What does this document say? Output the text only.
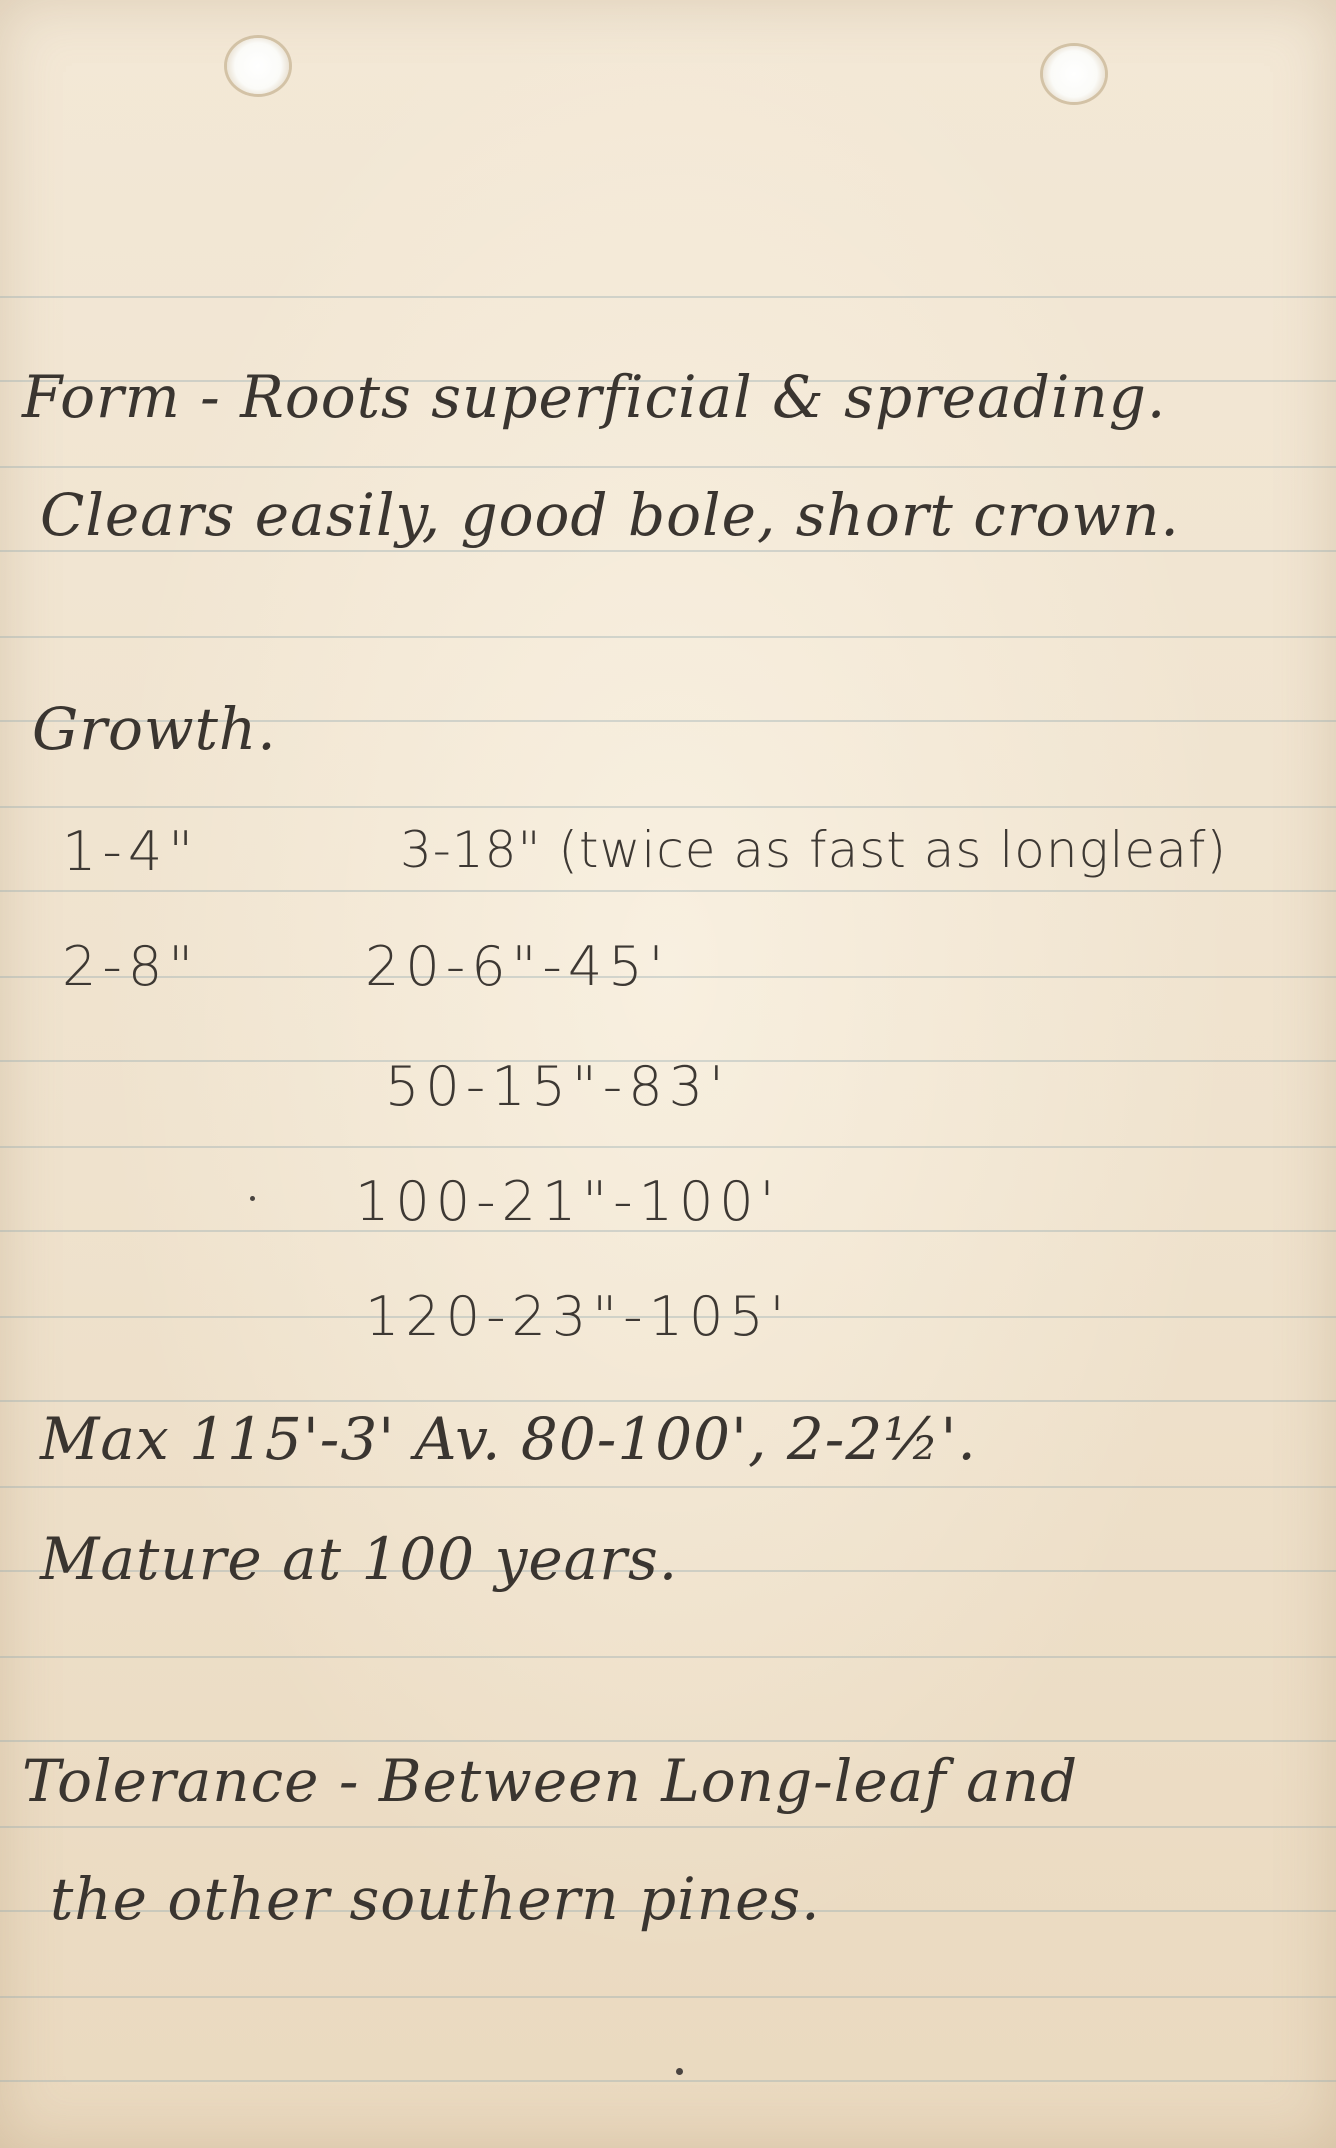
Form - Roots superficial & spreading.

Clears easily, good bole, short crown.

Growth.

1-4"

2-8"

3-18" (twice as fast as longleaf)

20-6"-45'

50-15"-83'

100-21"-100'

120-23"-105'

Max 115'-3' Av. 80-100', 2-2½'.

Mature at 100 years.

Tolerance - Between Long-leaf and

the other southern pines.
